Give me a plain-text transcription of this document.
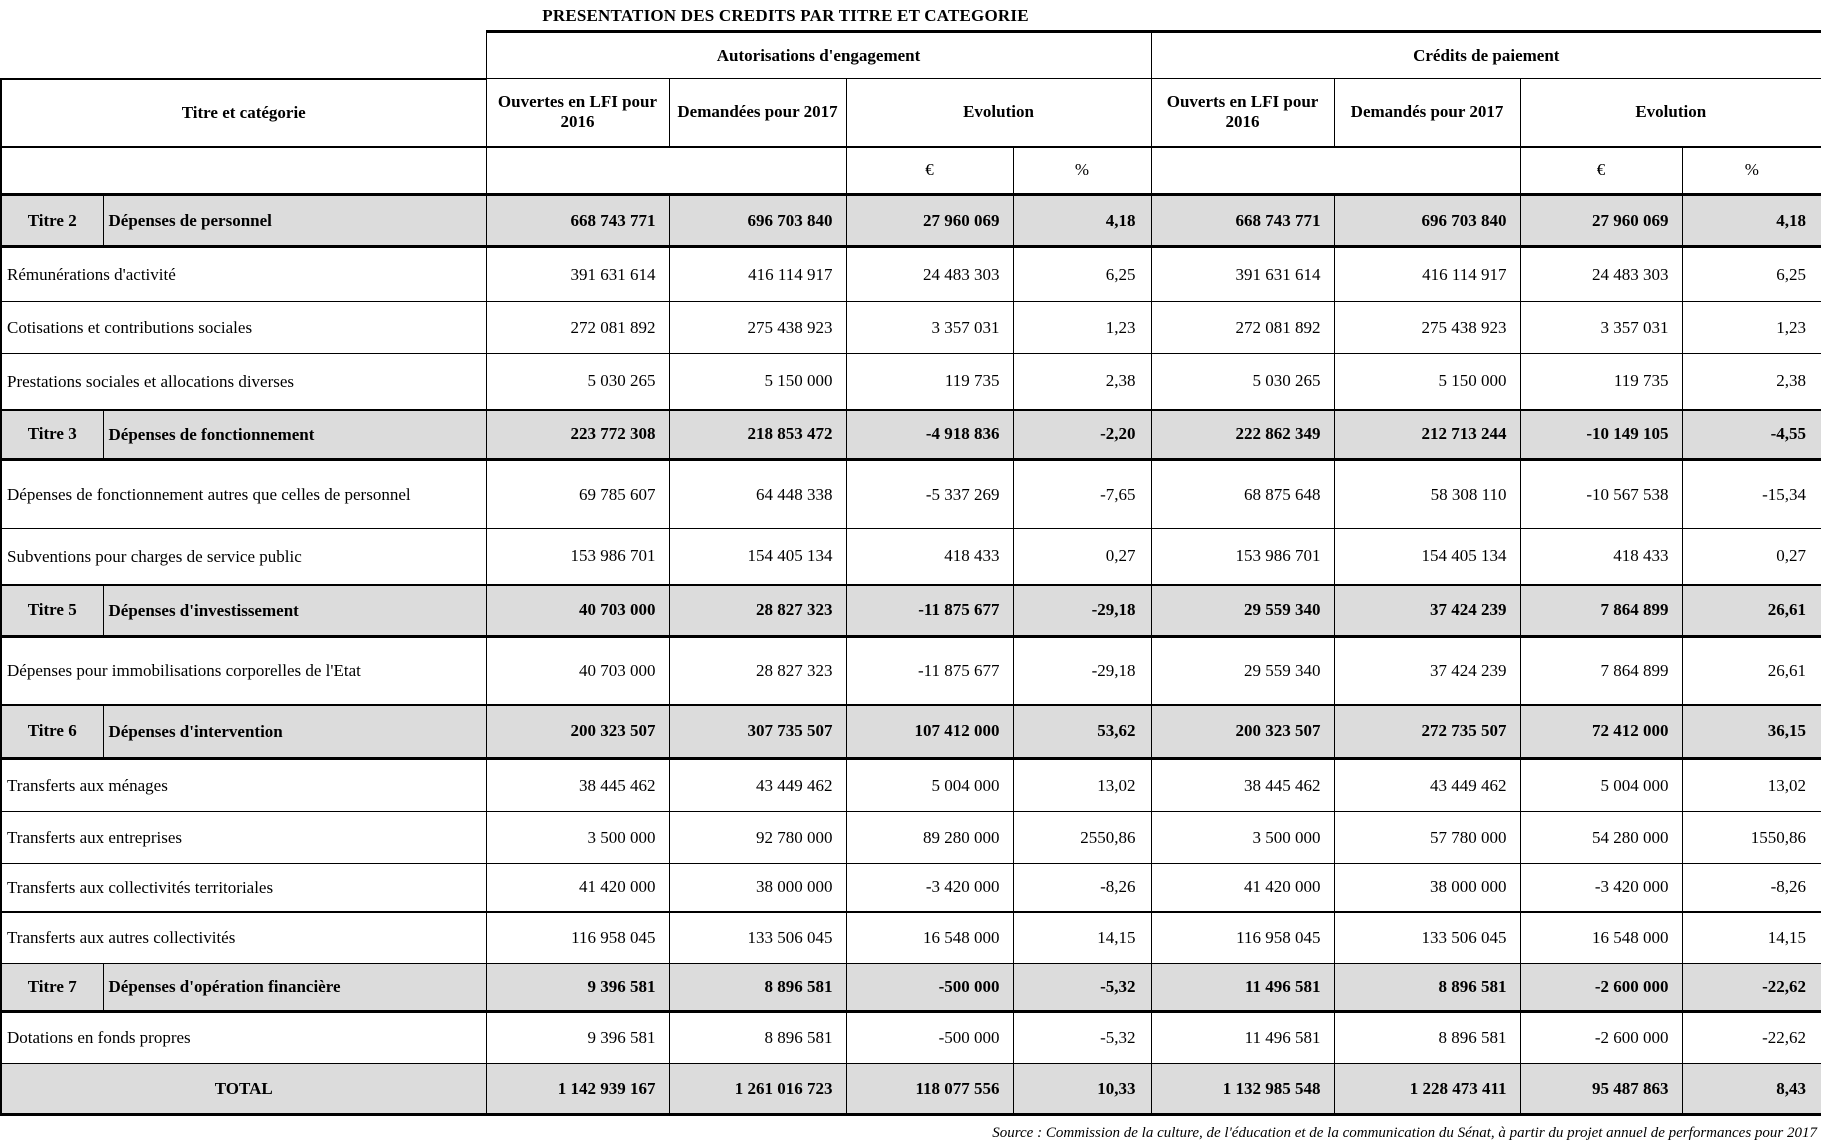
PRESENTATION DES CREDITS PAR TITRE ET CATEGORIE
		Autorisations d'engagement				Crédits de paiement			
Titre et catégorie		Ouvertes en LFI pour 2016	Demandées pour 2017	Evolution		Ouverts en LFI pour 2016	Demandés pour 2017	Evolution	
				€	%			€	%
Titre 2	Dépenses de personnel	668 743 771	696 703 840	27 960 069	4,18	668 743 771	696 703 840	27 960 069	4,18
Rémunérations d'activité		391 631 614	416 114 917	24 483 303	6,25	391 631 614	416 114 917	24 483 303	6,25
Cotisations et contributions sociales		272 081 892	275 438 923	3 357 031	1,23	272 081 892	275 438 923	3 357 031	1,23
Prestations sociales et allocations diverses		5 030 265	5 150 000	119 735	2,38	5 030 265	5 150 000	119 735	2,38
Titre 3	Dépenses de fonctionnement	223 772 308	218 853 472	-4 918 836	-2,20	222 862 349	212 713 244	-10 149 105	-4,55
Dépenses de fonctionnement autres que celles de personnel		69 785 607	64 448 338	-5 337 269	-7,65	68 875 648	58 308 110	-10 567 538	-15,34
Subventions pour charges de service public		153 986 701	154 405 134	418 433	0,27	153 986 701	154 405 134	418 433	0,27
Titre 5	Dépenses d'investissement	40 703 000	28 827 323	-11 875 677	-29,18	29 559 340	37 424 239	7 864 899	26,61
Dépenses pour immobilisations corporelles de l'Etat		40 703 000	28 827 323	-11 875 677	-29,18	29 559 340	37 424 239	7 864 899	26,61
Titre 6	Dépenses d'intervention	200 323 507	307 735 507	107 412 000	53,62	200 323 507	272 735 507	72 412 000	36,15
Transferts aux ménages		38 445 462	43 449 462	5 004 000	13,02	38 445 462	43 449 462	5 004 000	13,02
Transferts aux entreprises		3 500 000	92 780 000	89 280 000	2550,86	3 500 000	57 780 000	54 280 000	1550,86
Transferts aux collectivités territoriales		41 420 000	38 000 000	-3 420 000	-8,26	41 420 000	38 000 000	-3 420 000	-8,26
Transferts aux autres collectivités		116 958 045	133 506 045	16 548 000	14,15	116 958 045	133 506 045	16 548 000	14,15
Titre 7	Dépenses d'opération financière	9 396 581	8 896 581	-500 000	-5,32	11 496 581	8 896 581	-2 600 000	-22,62
Dotations en fonds propres		9 396 581	8 896 581	-500 000	-5,32	11 496 581	8 896 581	-2 600 000	-22,62
TOTAL		1 142 939 167	1 261 016 723	118 077 556	10,33	1 132 985 548	1 228 473 411	95 487 863	8,43
Source : Commission de la culture, de l'éducation et de la communication du Sénat, à partir du projet annuel de performances pour 2017
